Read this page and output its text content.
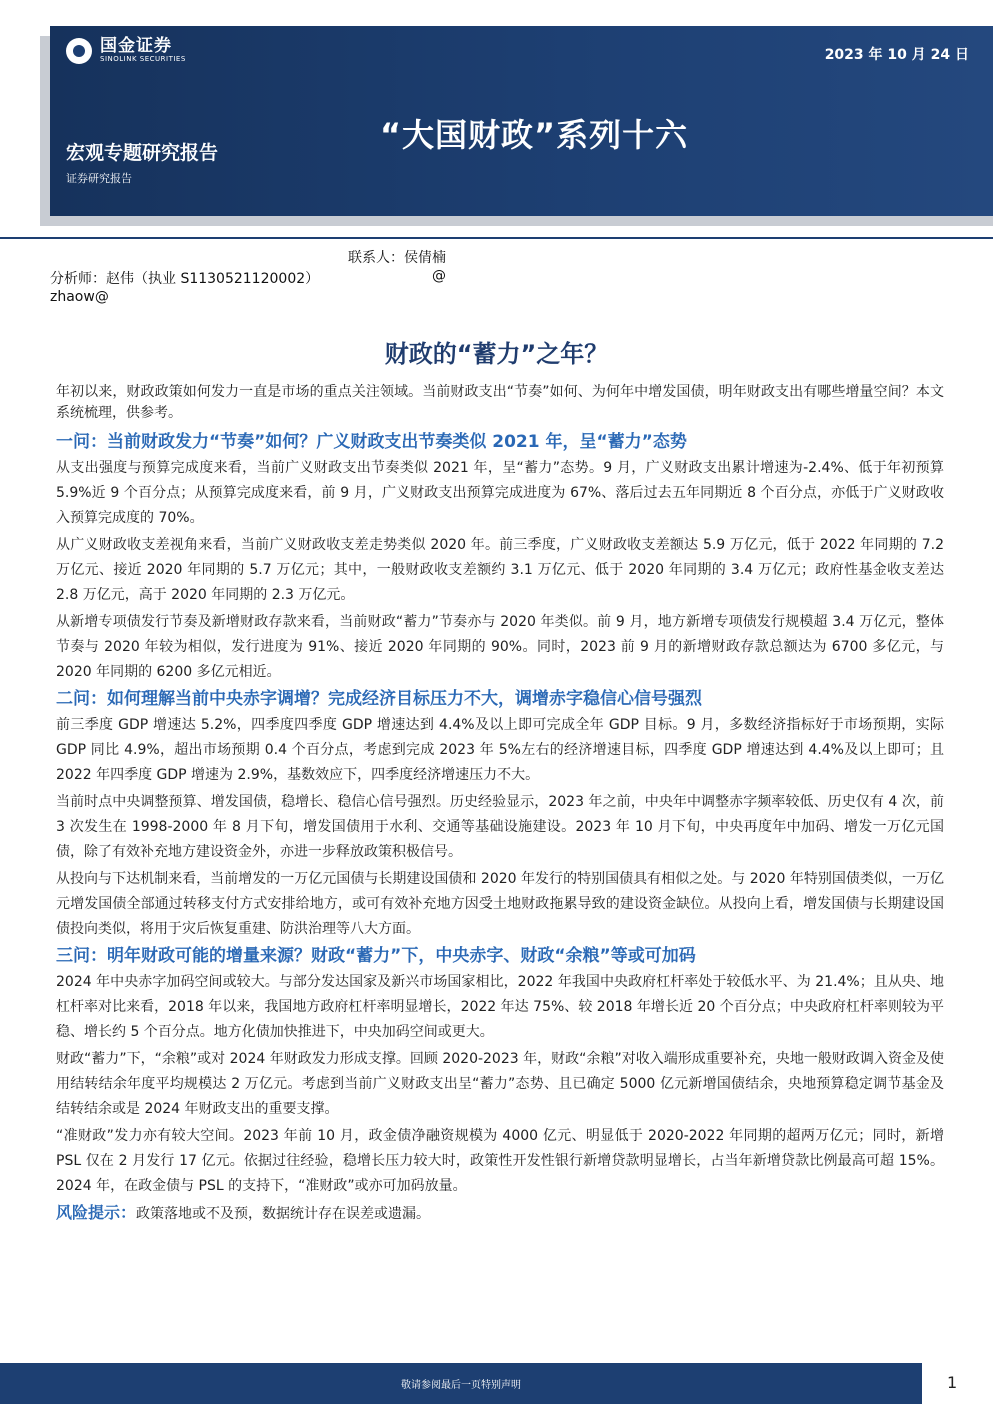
国金证券
SINOLINK SECURITIES	2023 年 10 月 24 日
“大国财政”系列十六
宏观专题研究报告
证券研究报告
联系人：侯倩楠
分析师：赵伟（执业 S1130521120002）	@
zhaow@
财政的“蓄力”之年？

年初以来，财政政策如何发力一直是市场的重点关注领域。当前财政支出“节奏”如何、为何年中增发国债，明年财政支出有哪些增量空间？本文系统梳理，供参考。

一问：当前财政发力“节奏”如何？广义财政支出节奏类似 2021 年，呈“蓄力”态势

从支出强度与预算完成度来看，当前广义财政支出节奏类似 2021 年，呈“蓄力”态势。9 月，广义财政支出累计增速为-2.4%、低于年初预算 5.9%近 9 个百分点；从预算完成度来看，前 9 月，广义财政支出预算完成进度为 67%、落后过去五年同期近 8 个百分点，亦低于广义财政收入预算完成度的 70%。

从广义财政收支差视角来看，当前广义财政收支差走势类似 2020 年。前三季度，广义财政收支差额达 5.9 万亿元，低于 2022 年同期的 7.2 万亿元、接近 2020 年同期的 5.7 万亿元；其中，一般财政收支差额约 3.1 万亿元、低于 2020 年同期的 3.4 万亿元；政府性基金收支差达 2.8 万亿元，高于 2020 年同期的 2.3 万亿元。

从新增专项债发行节奏及新增财政存款来看，当前财政“蓄力”节奏亦与 2020 年类似。前 9 月，地方新增专项债发行规模超 3.4 万亿元，整体节奏与 2020 年较为相似，发行进度为 91%、接近 2020 年同期的 90%。同时，2023 前 9 月的新增财政存款总额达为 6700 多亿元，与 2020 年同期的 6200 多亿元相近。

二问：如何理解当前中央赤字调增？完成经济目标压力不大，调增赤字稳信心信号强烈

前三季度 GDP 增速达 5.2%，四季度四季度 GDP 增速达到 4.4%及以上即可完成全年 GDP 目标。9 月，多数经济指标好于市场预期，实际 GDP 同比 4.9%，超出市场预期 0.4 个百分点，考虑到完成 2023 年 5%左右的经济增速目标，四季度 GDP 增速达到 4.4%及以上即可；且 2022 年四季度 GDP 增速为 2.9%，基数效应下，四季度经济增速压力不大。

当前时点中央调整预算、增发国债，稳增长、稳信心信号强烈。历史经验显示，2023 年之前，中央年中调整赤字频率较低、历史仅有 4 次，前 3 次发生在 1998-2000 年 8 月下旬，增发国债用于水利、交通等基础设施建设。2023 年 10 月下旬，中央再度年中加码、增发一万亿元国债，除了有效补充地方建设资金外，亦进一步释放政策积极信号。

从投向与下达机制来看，当前增发的一万亿元国债与长期建设国债和 2020 年发行的特别国债具有相似之处。与 2020 年特别国债类似，一万亿元增发国债全部通过转移支付方式安排给地方，或可有效补充地方因受土地财政拖累导致的建设资金缺位。从投向上看，增发国债与长期建设国债投向类似，将用于灾后恢复重建、防洪治理等八大方面。

三问：明年财政可能的增量来源？财政“蓄力”下，中央赤字、财政“余粮”等或可加码

2024 年中央赤字加码空间或较大。与部分发达国家及新兴市场国家相比，2022 年我国中央政府杠杆率处于较低水平、为 21.4%；且从央、地杠杆率对比来看，2018 年以来，我国地方政府杠杆率明显增长，2022 年达 75%、较 2018 年增长近 20 个百分点；中央政府杠杆率则较为平稳、增长约 5 个百分点。地方化债加快推进下，中央加码空间或更大。

财政“蓄力”下，“余粮”或对 2024 年财政发力形成支撑。回顾 2020-2023 年，财政“余粮”对收入端形成重要补充，央地一般财政调入资金及使用结转结余年度平均规模达 2 万亿元。考虑到当前广义财政支出呈“蓄力”态势、且已确定 5000 亿元新增国债结余，央地预算稳定调节基金及结转结余或是 2024 年财政支出的重要支撑。

“准财政”发力亦有较大空间。2023 年前 10 月，政金债净融资规模为 4000 亿元、明显低于 2020-2022 年同期的超两万亿元；同时，新增 PSL 仅在 2 月发行 17 亿元。依据过往经验，稳增长压力较大时，政策性开发性银行新增贷款明显增长，占当年新增贷款比例最高可超 15%。2024 年，在政金债与 PSL 的支持下，“准财政”或亦可加码放量。

风险提示：政策落地或不及预，数据统计存在误差或遗漏。
敬请参阅最后一页特别声明	1
